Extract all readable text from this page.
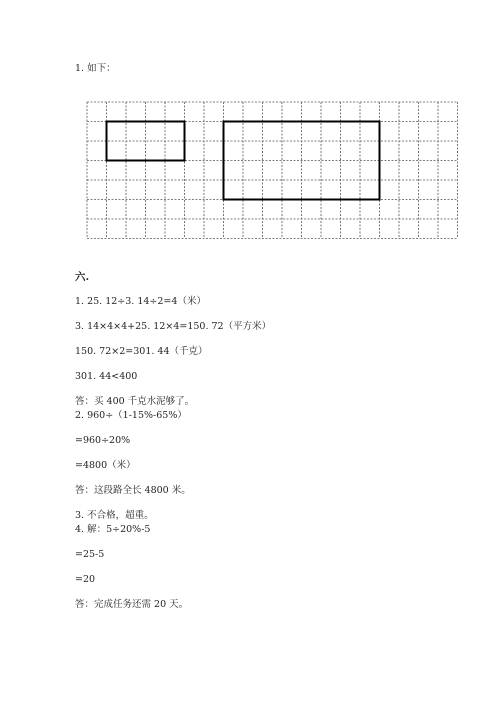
1. 如下：
六.
1. 25. 12÷3. 14÷2=4（米）
3. 14×4×4+25. 12×4=150. 72（平方米）
150. 72×2=301. 44（千克）
301. 44<400
答：买 400 千克水泥够了。
2. 960÷（1-15%-65%）
=960÷20%
=4800（米）
答：这段路全长 4800 米。
3. 不合格，超重。
4. 解：5÷20%-5
=25-5
=20
答：完成任务还需 20 天。
